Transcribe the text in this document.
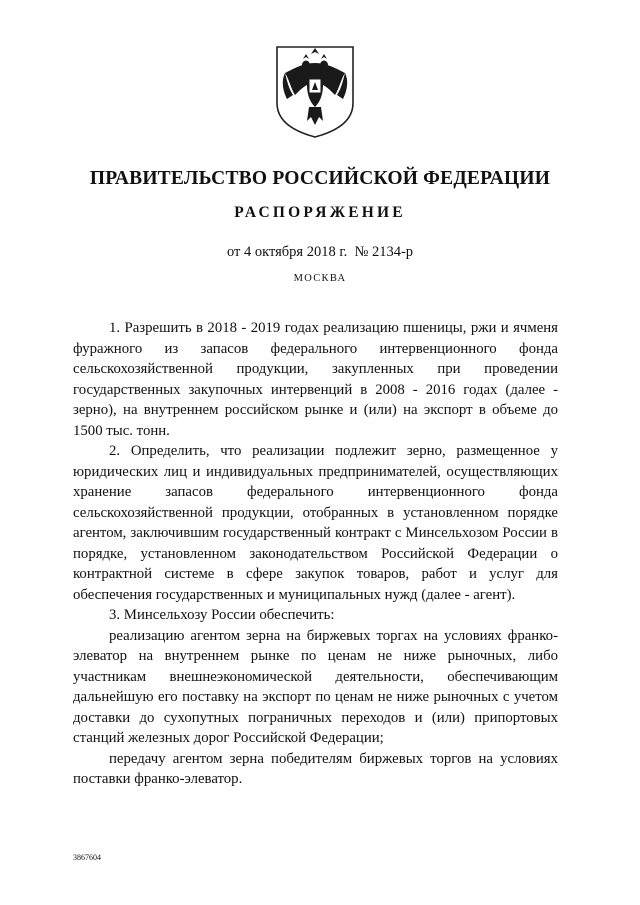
ПРАВИТЕЛЬСТВО РОССИЙСКОЙ ФЕДЕРАЦИИ
РАСПОРЯЖЕНИЕ

от 4 октября 2018 г.  № 2134-р

МОСКВА

1. Разрешить в 2018 - 2019 годах реализацию пшеницы, ржи и ячменя фуражного из запасов федерального интервенционного фонда сельскохозяйственной продукции, закупленных при проведении государственных закупочных интервенций в 2008 - 2016 годах (далее - зерно), на внутреннем российском рынке и (или) на экспорт в объеме до 1500 тыс. тонн.

2. Определить, что реализации подлежит зерно, размещенное у юридических лиц и индивидуальных предпринимателей, осуществляющих хранение запасов федерального интервенционного фонда сельскохозяйственной продукции, отобранных в установленном порядке агентом, заключившим государственный контракт с Минсельхозом России в порядке, установленном законодательством Российской Федерации о контрактной системе в сфере закупок товаров, работ и услуг для обеспечения государственных и муниципальных нужд (далее - агент).

3. Минсельхозу России обеспечить:

реализацию агентом зерна на биржевых торгах на условиях франко-элеватор на внутреннем рынке по ценам не ниже рыночных, либо участникам внешнеэкономической деятельности, обеспечивающим дальнейшую его поставку на экспорт по ценам не ниже рыночных с учетом доставки до сухопутных пограничных переходов и (или) припортовых станций железных дорог Российской Федерации;

передачу агентом зерна победителям биржевых торгов на условиях поставки франко-элеватор.

3867604
